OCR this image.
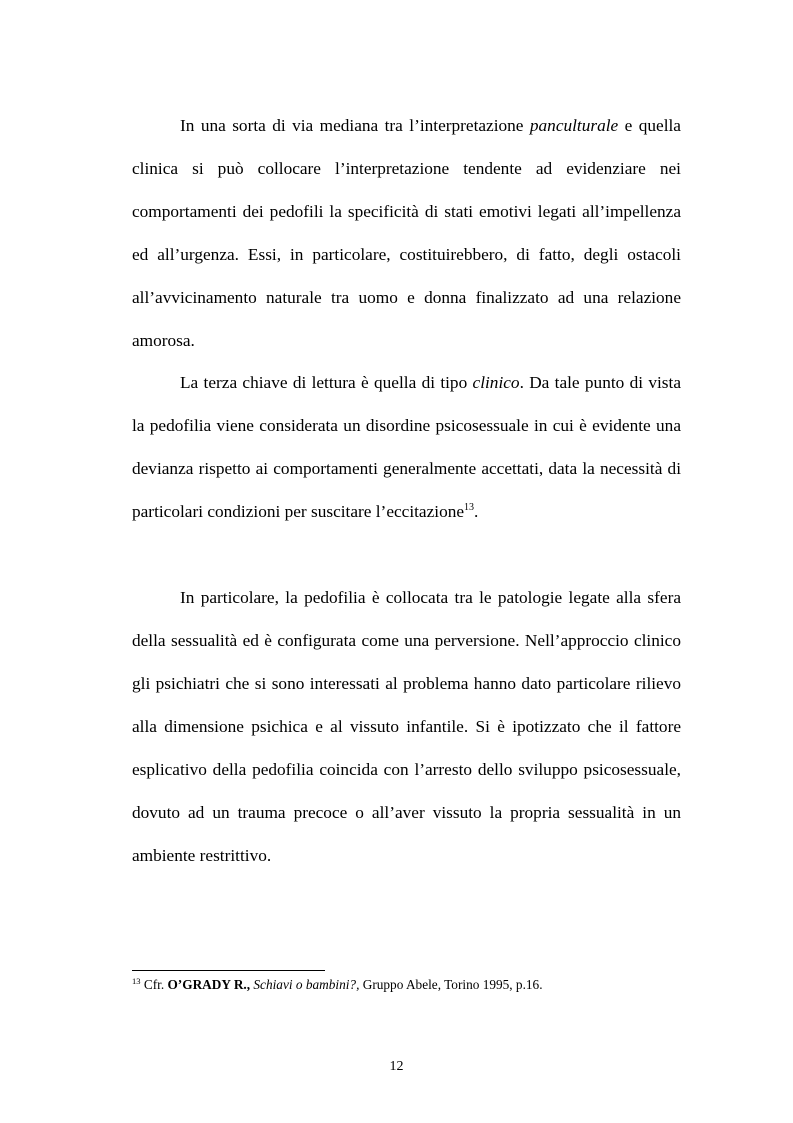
In una sorta di via mediana tra l’interpretazione panculturale e quella clinica si può collocare l’interpretazione tendente ad evidenziare nei comportamenti dei pedofili la specificità di stati emotivi legati all’impellenza ed all’urgenza. Essi, in particolare, costituirebbero, di fatto, degli ostacoli all’avvicinamento naturale tra uomo e donna finalizzato ad una relazione amorosa.

La terza chiave di lettura è quella di tipo clinico. Da tale punto di vista la pedofilia viene considerata un disordine psicosessuale in cui è evidente una devianza rispetto ai comportamenti generalmente accettati, data la necessità di particolari condizioni per suscitare l’eccitazione$^{13}$.

In particolare, la pedofilia è collocata tra le patologie legate alla sfera della sessualità ed è configurata come una perversione. Nell’approccio clinico gli psichiatri che si sono interessati al problema hanno dato particolare rilievo alla dimensione psichica e al vissuto infantile. Si è ipotizzato che il fattore esplicativo della pedofilia coincida con l’arresto dello sviluppo psicosessuale, dovuto ad un trauma precoce o all’aver vissuto la propria sessualità in un ambiente restrittivo.

$^{13}$ Cfr. O’GRADY R., Schiavi o bambini?, Gruppo Abele, Torino 1995, p.16.

12
